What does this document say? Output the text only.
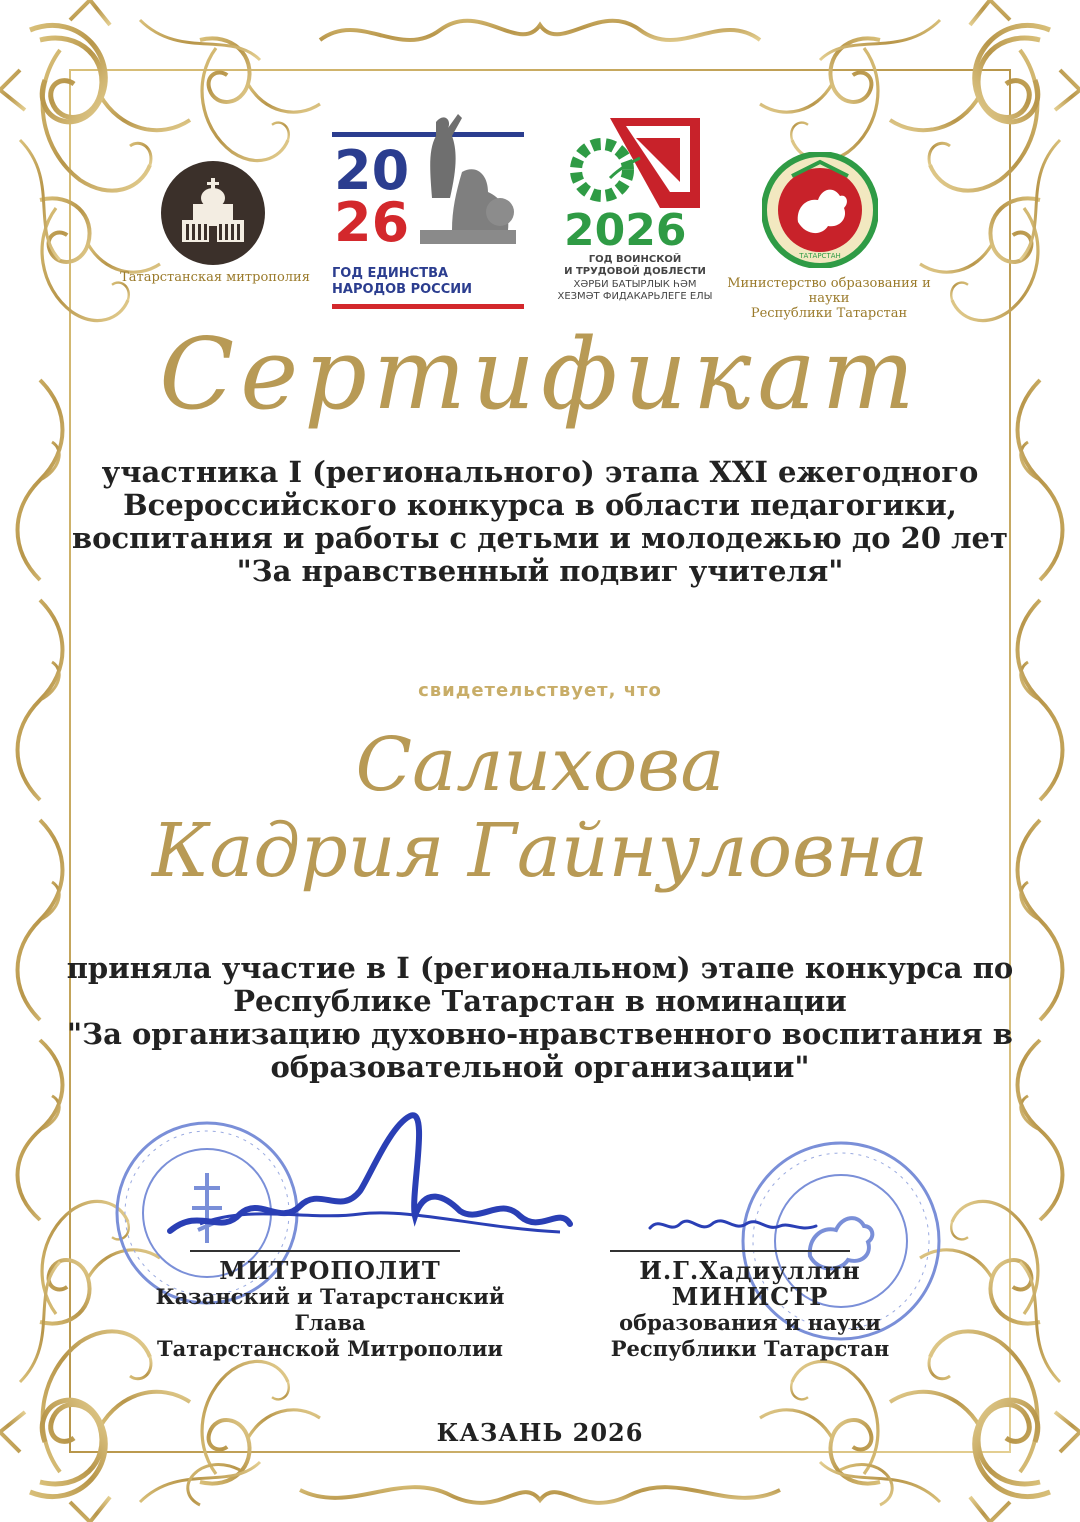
Татарстанская митрополия
20
26
ГОД ЕДИНСТВА
НАРОДОВ РОССИИ
2026
ГОД ВОИНСКОЙ
И ТРУДОВОЙ ДОБЛЕСТИ
ХӘРБИ БАТЫРЛЫК ҺӘМ
ХЕЗМӘТ ФИДАКАРЬЛЕГЕ ЕЛЫ
ТАТАРСТАН
Министерство образования и науки
Республики Татарстан
Сертификат
участника I (регионального) этапа XXI ежегодного
Всероссийского конкурса в области педагогики,
воспитания и работы с детьми и молодежью до 20 лет
"За нравственный подвиг учителя"
свидетельствует, что
Салихова
Кадрия Гайнуловна
приняла участие в I (региональном) этапе конкурса по
Республике Татарстан в номинации
"За организацию духовно-нравственного воспитания в
образовательной организации"
МИТРОПОЛИТ
Казанский и Татарстанский
Глава
Татарстанской Митрополии
И.Г.Хадиуллин
МИНИСТР
образования и науки
Республики Татарстан
КАЗАНЬ 2026
